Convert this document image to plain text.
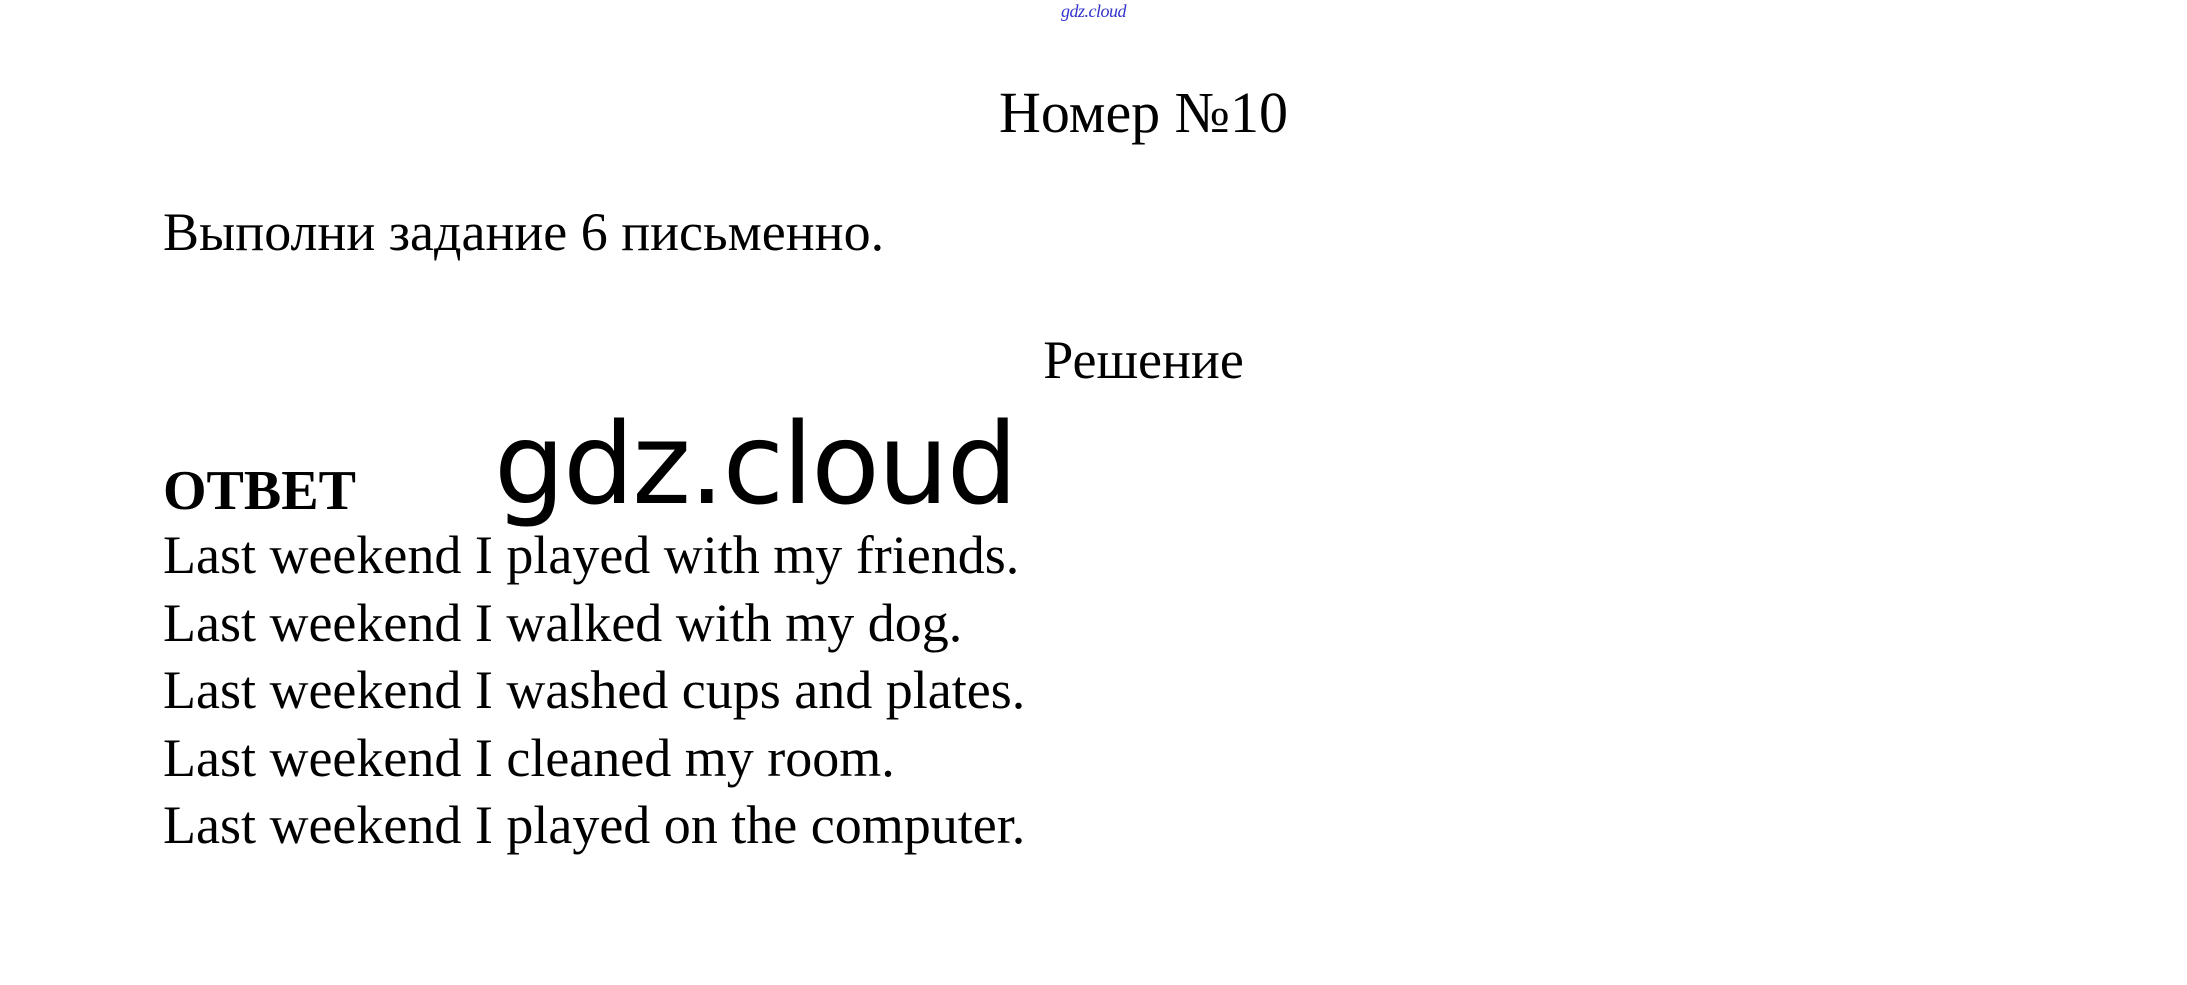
gdz.cloud
Номер №10

Выполни задание 6 письменно.

Решение
ОТВЕТ gdz.cloud
Last weekend I played with my friends.
Last weekend I walked with my dog.
Last weekend I washed cups and plates.
Last weekend I cleaned my room.
Last weekend I played on the computer.
